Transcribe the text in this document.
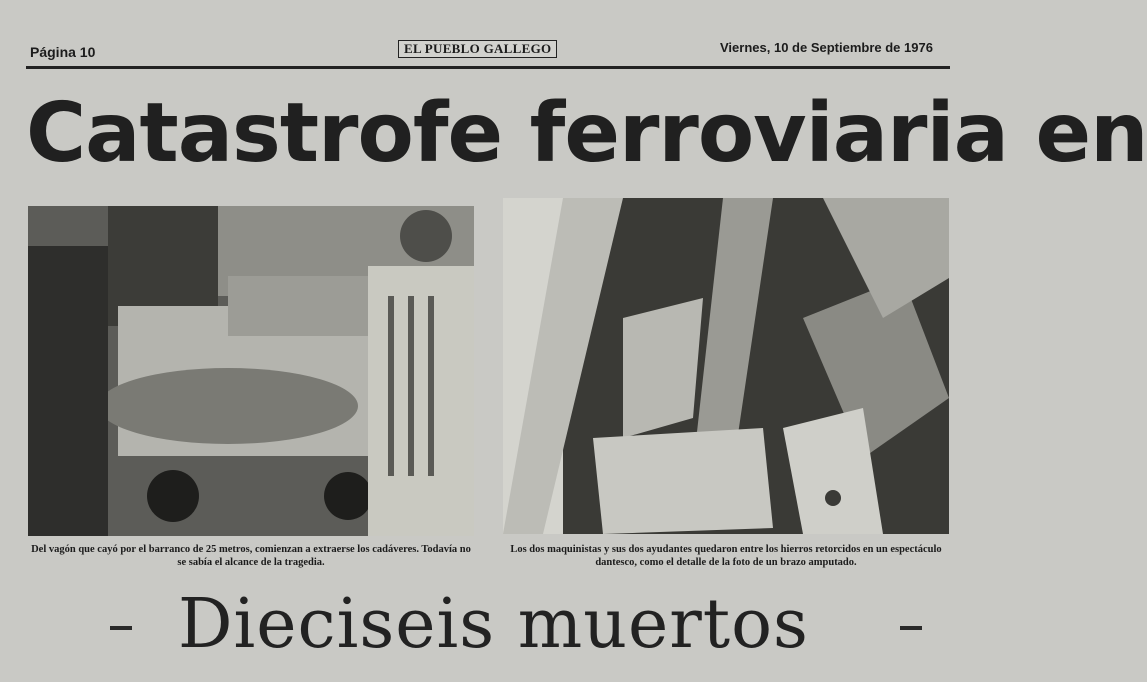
Página 10	EL PUEBLO GALLEGO	Viernes, 10 de Septiembre de 1976
Catastrofe ferroviaria en
Del vagón que cayó por el barranco de 25 metros, comienzan a extraerse los cadáveres. Todavía no se sabía el alcance de la tragedia.
Los dos maquinistas y sus dos ayudantes quedaron entre los hierros retorcidos en un espectáculo dantesco, como el detalle de la foto de un brazo amputado.
Dieciseis muertos
